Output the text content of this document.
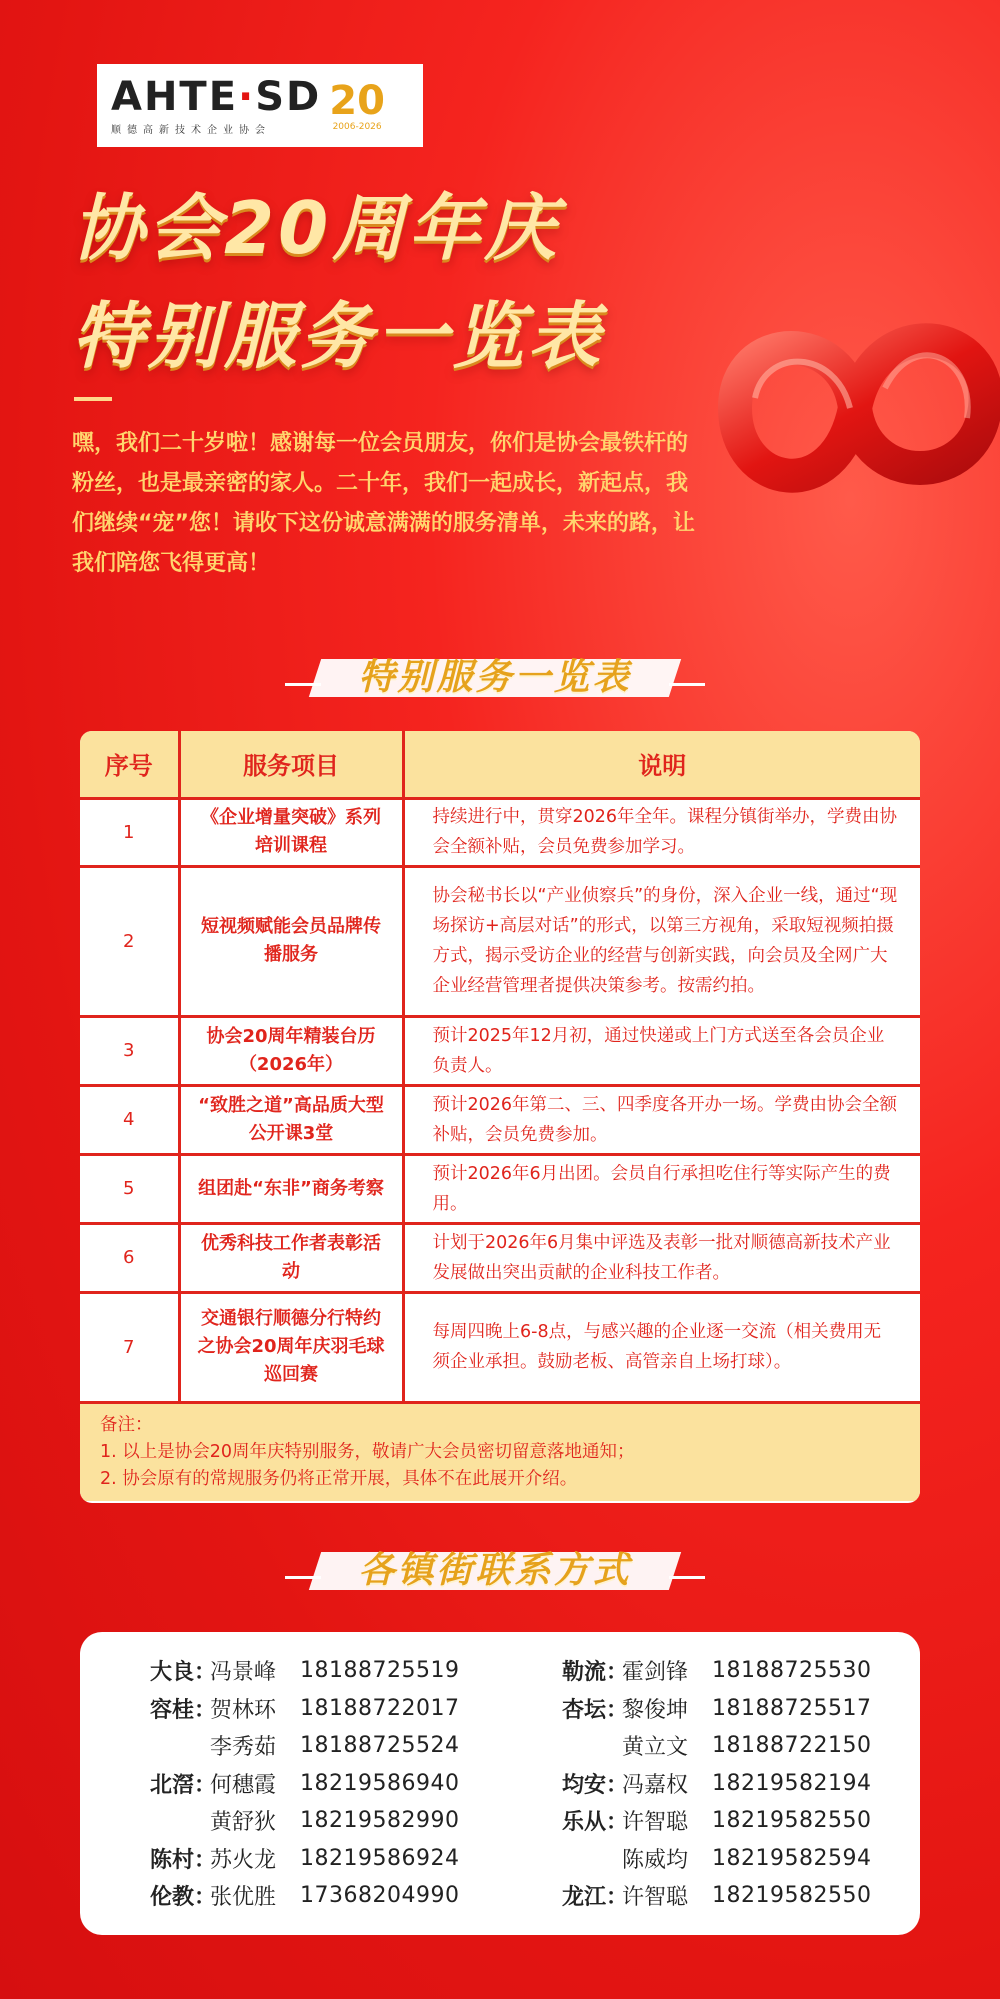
AHTE·SD
顺德高新技术企业协会
20
2006-2026
协会20周年庆
特别服务一览表
嘿，我们二十岁啦！感谢每一位会员朋友，你们是协会最铁杆的粉丝，也是最亲密的家人。二十年，我们一起成长，新起点，我们继续“宠”您！请收下这份诚意满满的服务清单，未来的路，让我们陪您飞得更高！
特别服务一览表
序号	服务项目	说明
1	《企业增量突破》系列培训课程	持续进行中，贯穿2026年全年。课程分镇街举办，学费由协会全额补贴，会员免费参加学习。
2	短视频赋能会员品牌传播服务	协会秘书长以“产业侦察兵”的身份，深入企业一线，通过“现场探访+高层对话”的形式，以第三方视角，采取短视频拍摄方式，揭示受访企业的经营与创新实践，向会员及全网广大企业经营管理者提供决策参考。按需约拍。
3	协会20周年精装台历（2026年）	预计2025年12月初，通过快递或上门方式送至各会员企业负责人。
4	“致胜之道”高品质大型公开课3堂	预计2026年第二、三、四季度各开办一场。学费由协会全额补贴，会员免费参加。
5	组团赴“东非”商务考察	预计2026年6月出团。会员自行承担吃住行等实际产生的费用。
6	优秀科技工作者表彰活动	计划于2026年6月集中评选及表彰一批对顺德高新技术产业发展做出突出贡献的企业科技工作者。
7	交通银行顺德分行特约之协会20周年庆羽毛球巡回赛	每周四晚上6-8点，与感兴趣的企业逐一交流（相关费用无须企业承担。鼓励老板、高管亲自上场打球）。
备注：
1. 以上是协会20周年庆特别服务，敬请广大会员密切留意落地通知；
2. 协会原有的常规服务仍将正常开展，具体不在此展开介绍。
各镇街联系方式
大良 ：
冯景峰	18188725519
容桂 ：
贺林环	18188722017
李秀茹	18188725524
北滘 ：
何穗霞	18219586940
黄舒狄	18219582990
陈村 ：
苏火龙	18219586924
伦教 ：
张优胜	17368204990
勒流 ：
霍剑锋	18188725530
杏坛 ：
黎俊坤	18188725517
黄立文	18188722150
均安 ：
冯嘉权	18219582194
乐从 ：
许智聪	18219582550
陈威均	18219582594
龙江 ：
许智聪	18219582550
